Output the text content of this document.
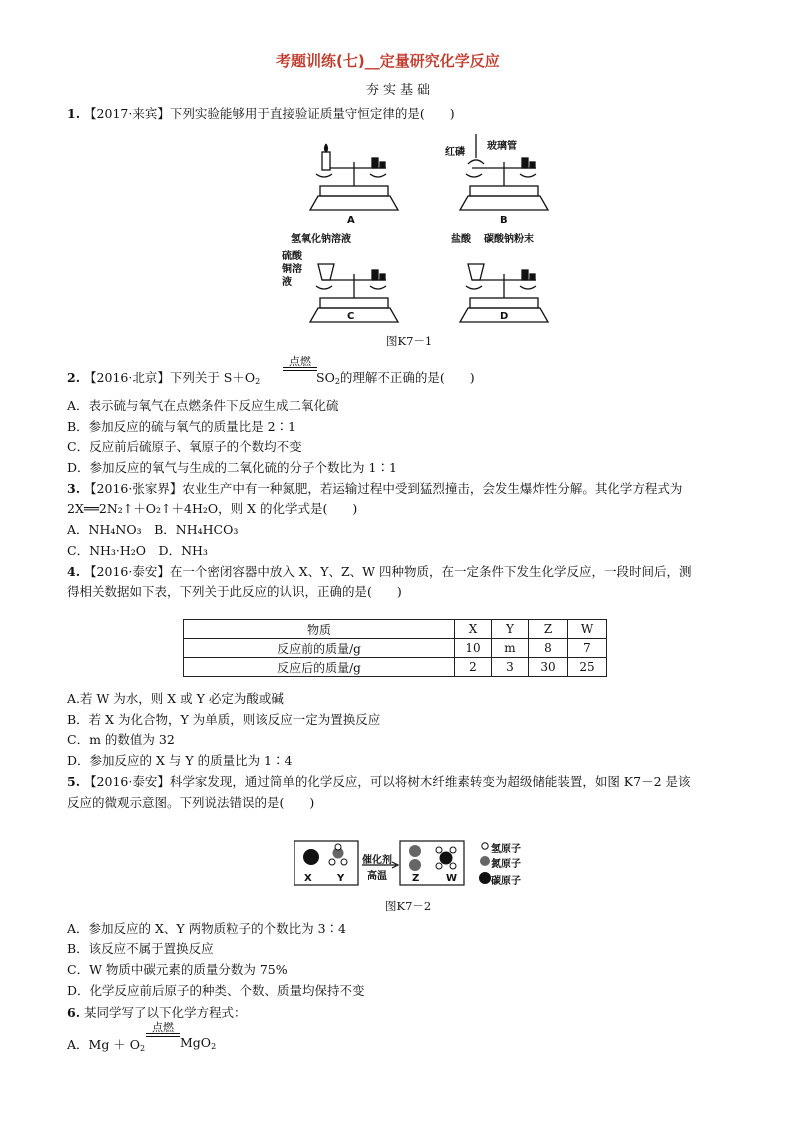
考题训练(七)__定量研究化学反应
夯实基础
1. 【2017·来宾】下列实验能够用于直接验证质量守恒定律的是(　　)
A	B
C	D
红磷
玻璃管
氢氧化钠溶液
硫酸铜溶液
盐酸 碳酸钠粉末
图K7－1
2. 【2016·北京】下列关于 $S+O_2$
点燃
$SO_2$的理解不正确的是(　　)
A．表示硫与氧气在点燃条件下反应生成二氧化硫
B．参加反应的硫与氧气的质量比是 2∶1
C．反应前后硫原子、氧原子的个数均不变
D．参加反应的氧气与生成的二氧化硫的分子个数比为 1∶1
3. 【2016·张家界】农业生产中有一种氮肥，若运输过程中受到猛烈撞击，会发生爆炸性分解。其化学方程式为
2X══2N₂↑＋O₂↑＋4H₂O，则 X 的化学式是(　　)
A．NH₄NO₃　B．NH₄HCO₃
C．NH₃·H₂O　D．NH₃
4. 【2016·泰安】在一个密闭容器中放入 X、Y、Z、W 四种物质，在一定条件下发生化学反应，一段时间后，测
得相关数据如下表，下列关于此反应的认识，正确的是(　　)
物质	X	Y	Z	W
反应前的质量/g	10	m	8	7
反应后的质量/g	2	3	30	25
A.若 W 为水，则 X 或 Y 必定为酸或碱
B．若 X 为化合物，Y 为单质，则该反应一定为置换反应
C．m 的数值为 32
D．参加反应的 X 与 Y 的质量比为 1∶4
5. 【2016·泰安】科学家发现，通过简单的化学反应，可以将树木纤维素转变为超级储能装置，如图 K7－2 是该
反应的微观示意图。下列说法错误的是(　　)
X	Y	Z	W
催化剂
高温
氢原子
氮原子
碳原子
图K7－2
A．参加反应的 X、Y 两物质粒子的个数比为 3∶4
B．该反应不属于置换反应
C．W 物质中碳元素的质量分数为 75%
D．化学反应前后原子的种类、个数、质量均保持不变
6. 某同学写了以下化学方程式：
A．$Mg + O_2$
点燃
MgO$_2$
